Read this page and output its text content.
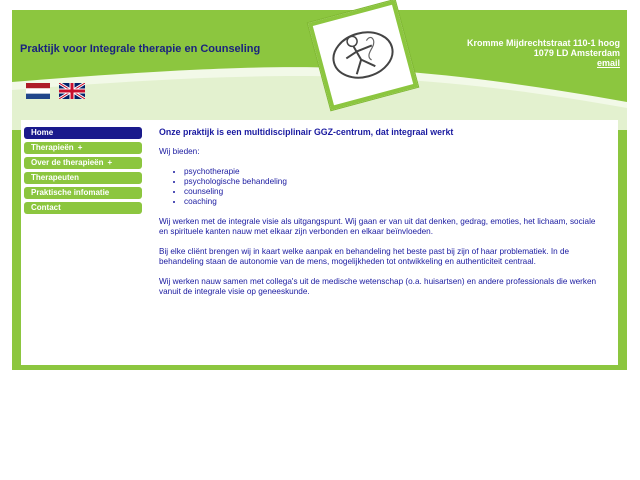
Praktijk voor Integrale therapie en Counseling	Kromme Mijdrechtstraat 110-1 hoog
1079 LD Amsterdam
email
Home
Therapieën +
Over de therapieën +
Therapeuten
Praktische infomatie
Contact
Onze praktijk is een multidisciplinair GGZ-centrum, dat integraal werkt

Wij bieden:

• psychotherapie
• psychologische behandeling
• counseling
• coaching

Wij werken met de integrale visie als uitgangspunt. Wij gaan er van uit dat denken, gedrag, emoties, het lichaam, sociale en spirituele kanten nauw met elkaar zijn verbonden en elkaar beïnvloeden.

Bij elke cliënt brengen wij in kaart welke aanpak en behandeling het beste past bij zijn of haar problematiek. In de behandeling staan de autonomie van de mens, mogelijkheden tot ontwikkeling en authenticiteit centraal.

Wij werken nauw samen met collega's uit de medische wetenschap (o.a. huisartsen) en andere professionals die werken vanuit de integrale visie op geneeskunde.
